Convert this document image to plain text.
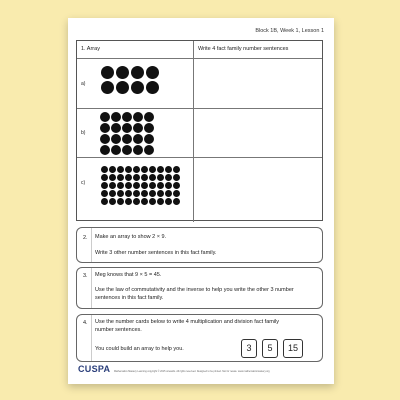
Block 1B, Week 1, Lesson 1
1. Array	Write 4 fact family number sentences
a)
b)
c)
2. Make an array to show 2 × 9.
Write 3 other number sentences in this fact family.
3. Meg knows that 9 × 5 = 45.
Use the law of commutativity and the inverse to help you write the other 3 number sentences in this fact family.
4. Use the number cards below to write 4 multiplication and division fact family number sentences.
You could build an array to help you.	3	5	15
CUSPA Mathematics Mastery Learning copyright © 2015 onwards. All rights reserved. Designed to be printed. Not for resale. www.mathematicsmastery.org
